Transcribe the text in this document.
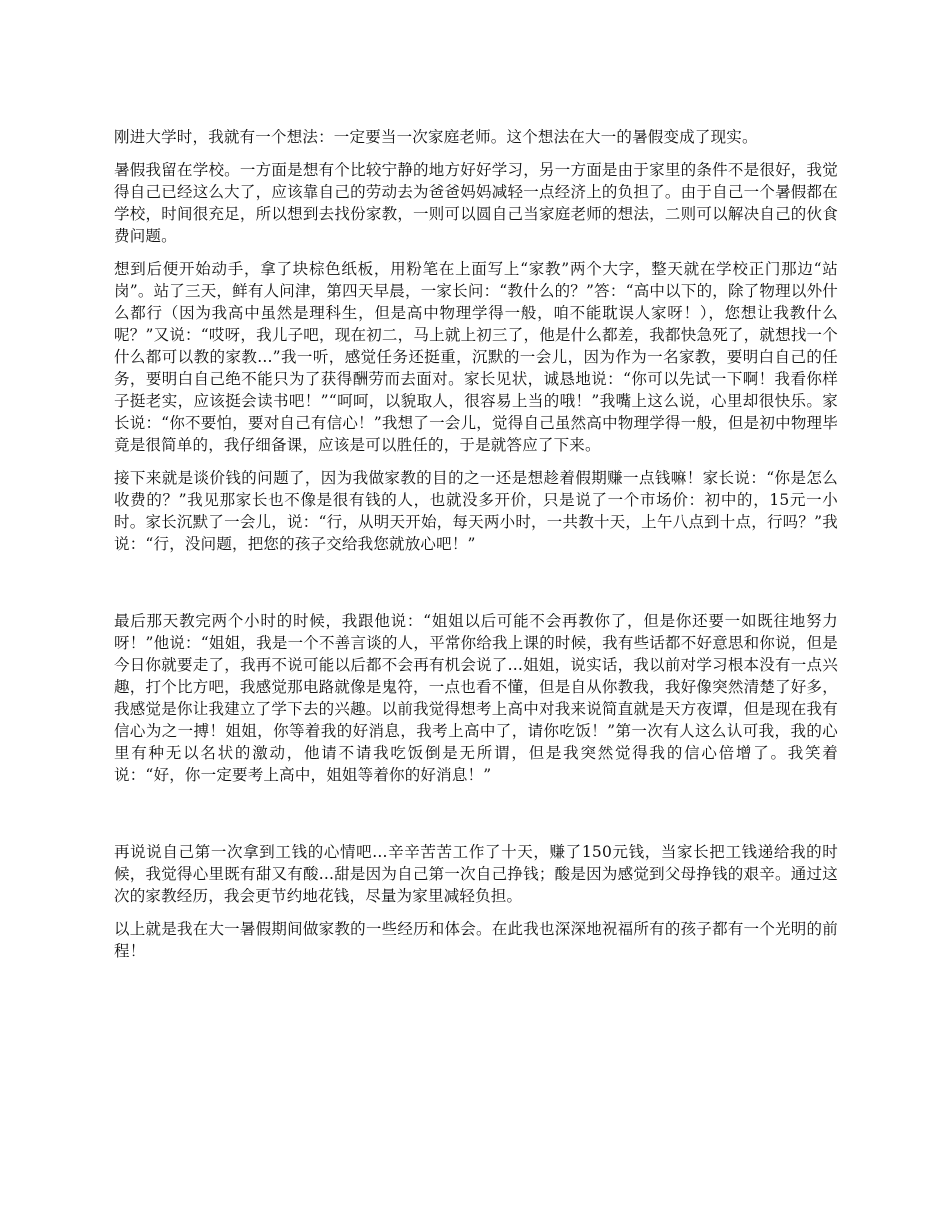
刚进大学时，我就有一个想法：一定要当一次家庭老师。这个想法在大一的暑假变成了现实。

暑假我留在学校。一方面是想有个比较宁静的地方好好学习，另一方面是由于家里的条件不是很好，我觉得自己已经这么大了，应该靠自己的劳动去为爸爸妈妈减轻一点经济上的负担了。由于自己一个暑假都在学校，时间很充足，所以想到去找份家教，一则可以圆自己当家庭老师的想法，二则可以解决自己的伙食费问题。

想到后便开始动手，拿了块棕色纸板，用粉笔在上面写上“家教”两个大字，整天就在学校正门那边“站岗”。站了三天，鲜有人问津，第四天早晨，一家长问：“教什么的？”答：“高中以下的，除了物理以外什么都行（因为我高中虽然是理科生，但是高中物理学得一般，咱不能耽误人家呀！），您想让我教什么呢？”又说：“哎呀，我儿子吧，现在初二，马上就上初三了，他是什么都差，我都快急死了，就想找一个什么都可以教的家教...”我一听，感觉任务还挺重，沉默的一会儿，因为作为一名家教，要明白自己的任务，要明白自己绝不能只为了获得酬劳而去面对。家长见状，诚恳地说：“你可以先试一下啊！我看你样子挺老实，应该挺会读书吧！”“呵呵，以貌取人，很容易上当的哦！”我嘴上这么说，心里却很快乐。家长说：“你不要怕，要对自己有信心！”我想了一会儿，觉得自己虽然高中物理学得一般，但是初中物理毕竟是很简单的，我仔细备课，应该是可以胜任的，于是就答应了下来。

接下来就是谈价钱的问题了，因为我做家教的目的之一还是想趁着假期赚一点钱嘛！家长说：“你是怎么收费的？”我见那家长也不像是很有钱的人，也就没多开价，只是说了一个市场价：初中的，15元一小时。家长沉默了一会儿，说：“行，从明天开始，每天两小时，一共教十天，上午八点到十点，行吗？”我说：“行，没问题，把您的孩子交给我您就放心吧！”

最后那天教完两个小时的时候，我跟他说：“姐姐以后可能不会再教你了，但是你还要一如既往地努力呀！”他说：“姐姐，我是一个不善言谈的人，平常你给我上课的时候，我有些话都不好意思和你说，但是今日你就要走了，我再不说可能以后都不会再有机会说了...姐姐，说实话，我以前对学习根本没有一点兴趣，打个比方吧，我感觉那电路就像是鬼符，一点也看不懂，但是自从你教我，我好像突然清楚了好多，我感觉是你让我建立了学下去的兴趣。以前我觉得想考上高中对我来说简直就是天方夜谭，但是现在我有信心为之一搏！姐姐，你等着我的好消息，我考上高中了，请你吃饭！”第一次有人这么认可我，我的心里有种无以名状的激动，他请不请我吃饭倒是无所谓，但是我突然觉得我的信心倍增了。我笑着说：“好，你一定要考上高中，姐姐等着你的好消息！”

再说说自己第一次拿到工钱的心情吧...辛辛苦苦工作了十天，赚了150元钱，当家长把工钱递给我的时候，我觉得心里既有甜又有酸...甜是因为自己第一次自己挣钱；酸是因为感觉到父母挣钱的艰辛。通过这次的家教经历，我会更节约地花钱，尽量为家里减轻负担。

以上就是我在大一暑假期间做家教的一些经历和体会。在此我也深深地祝福所有的孩子都有一个光明的前程！
